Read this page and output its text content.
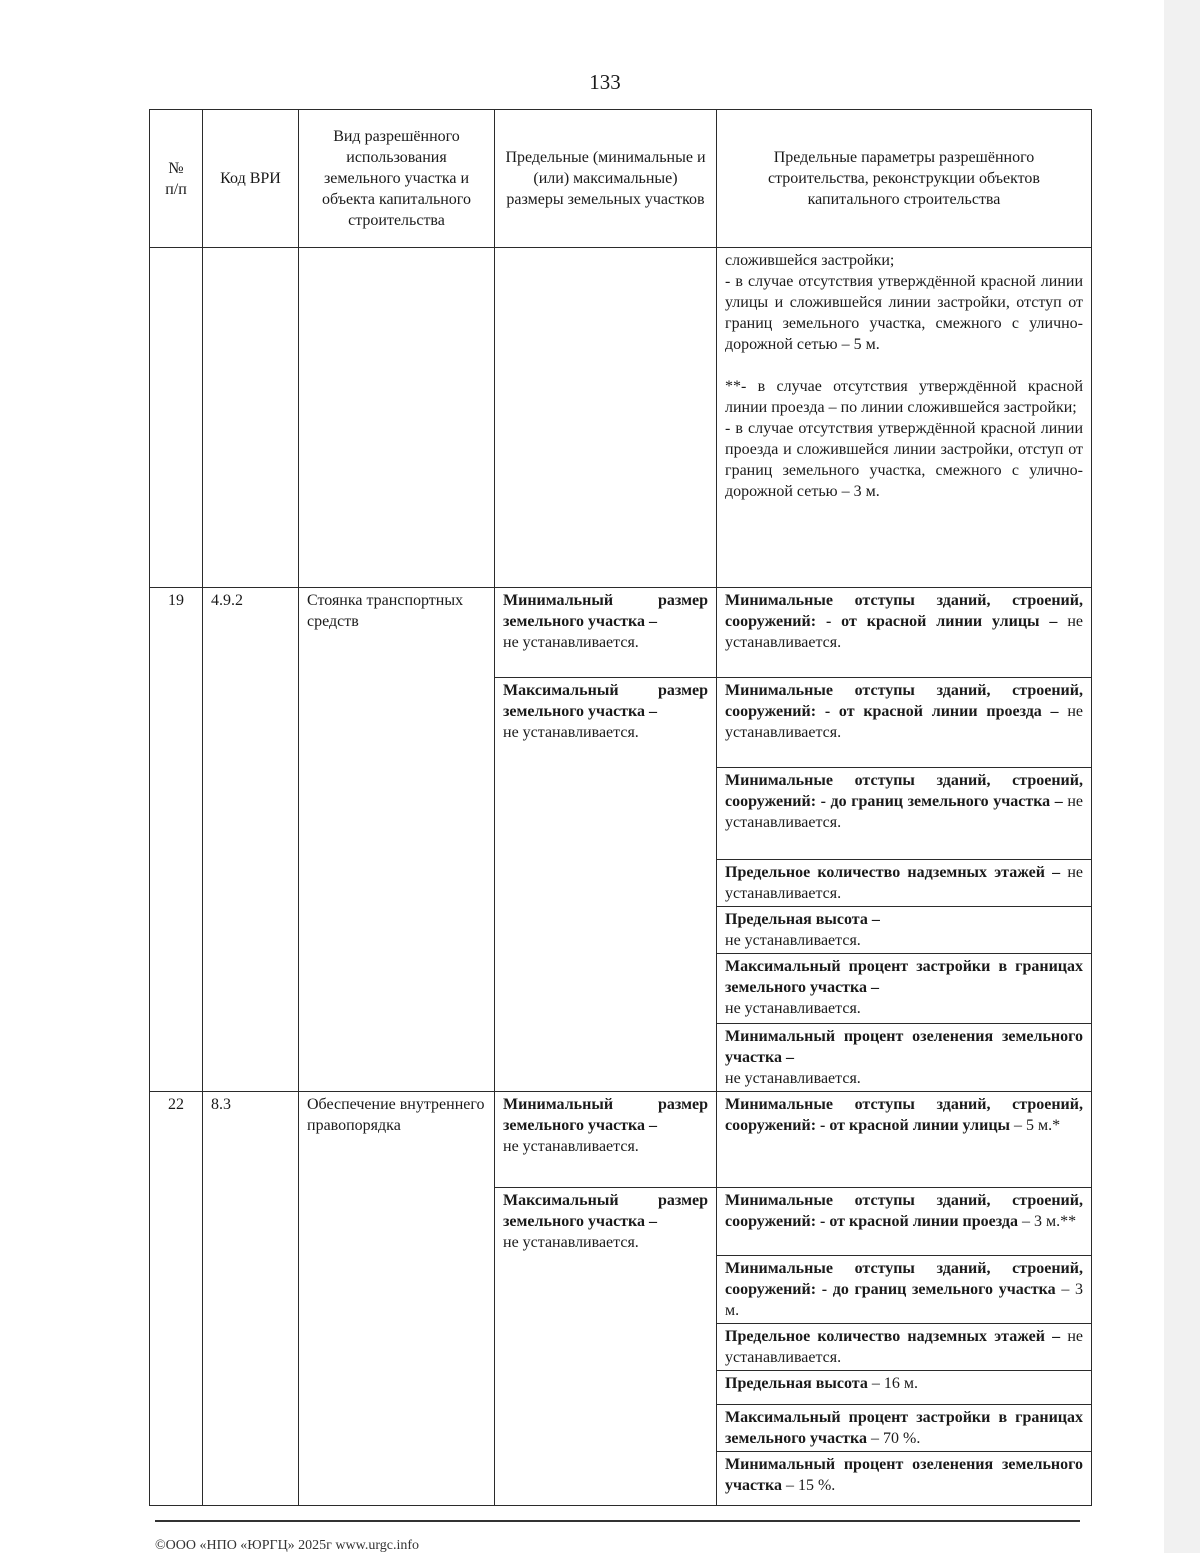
133
№ п/п	Код ВРИ	Вид разрешённого использования земельного участка и объекта капитального строительства	Предельные (минимальные и (или) максимальные) размеры земельных участков	Предельные параметры разрешённого строительства, реконструкции объектов капитального строительства

				сложившейся застройки;
- в случае отсутствия утверждённой красной линии улицы и сложившейся линии застройки, отступ от границ земельного участка, смежного с улично-дорожной сетью – 5 м.
**- в случае отсутствия утверждённой красной линии проезда – по линии сложившейся застройки;
- в случае отсутствия утверждённой красной линии проезда и сложившейся линии застройки, отступ от границ земельного участка, смежного с улично-дорожной сетью – 3 м.

19	4.9.2	Стоянка транспортных средств	Минимальный размер земельного участка –
не устанавливается.	Минимальные отступы зданий, строений, сооружений: - от красной линии улицы – не устанавливается.
			Максимальный размер земельного участка –
не устанавливается.	Минимальные отступы зданий, строений, сооружений: - от красной линии проезда – не устанавливается.
				Минимальные отступы зданий, строений, сооружений: - до границ земельного участка – не устанавливается.
				Предельное количество надземных этажей – не устанавливается.
				Предельная высота –
не устанавливается.
				Максимальный процент застройки в границах земельного участка –
не устанавливается.
				Минимальный процент озеленения земельного участка –
не устанавливается.
22	8.3	Обеспечение внутреннего правопорядка	Минимальный размер земельного участка –
не устанавливается.	Минимальные отступы зданий, строений, сооружений: - от красной линии улицы – 5 м.*
			Максимальный размер земельного участка –
не устанавливается.	Минимальные отступы зданий, строений, сооружений: - от красной линии проезда – 3 м.**
				Минимальные отступы зданий, строений, сооружений: - до границ земельного участка – 3 м.
				Предельное количество надземных этажей – не устанавливается.
				Предельная высота – 16 м.
				Максимальный процент застройки в границах земельного участка – 70 %.
				Минимальный процент озеленения земельного участка – 15 %.
©ООО «НПО «ЮРГЦ» 2025г www.urgc.info
